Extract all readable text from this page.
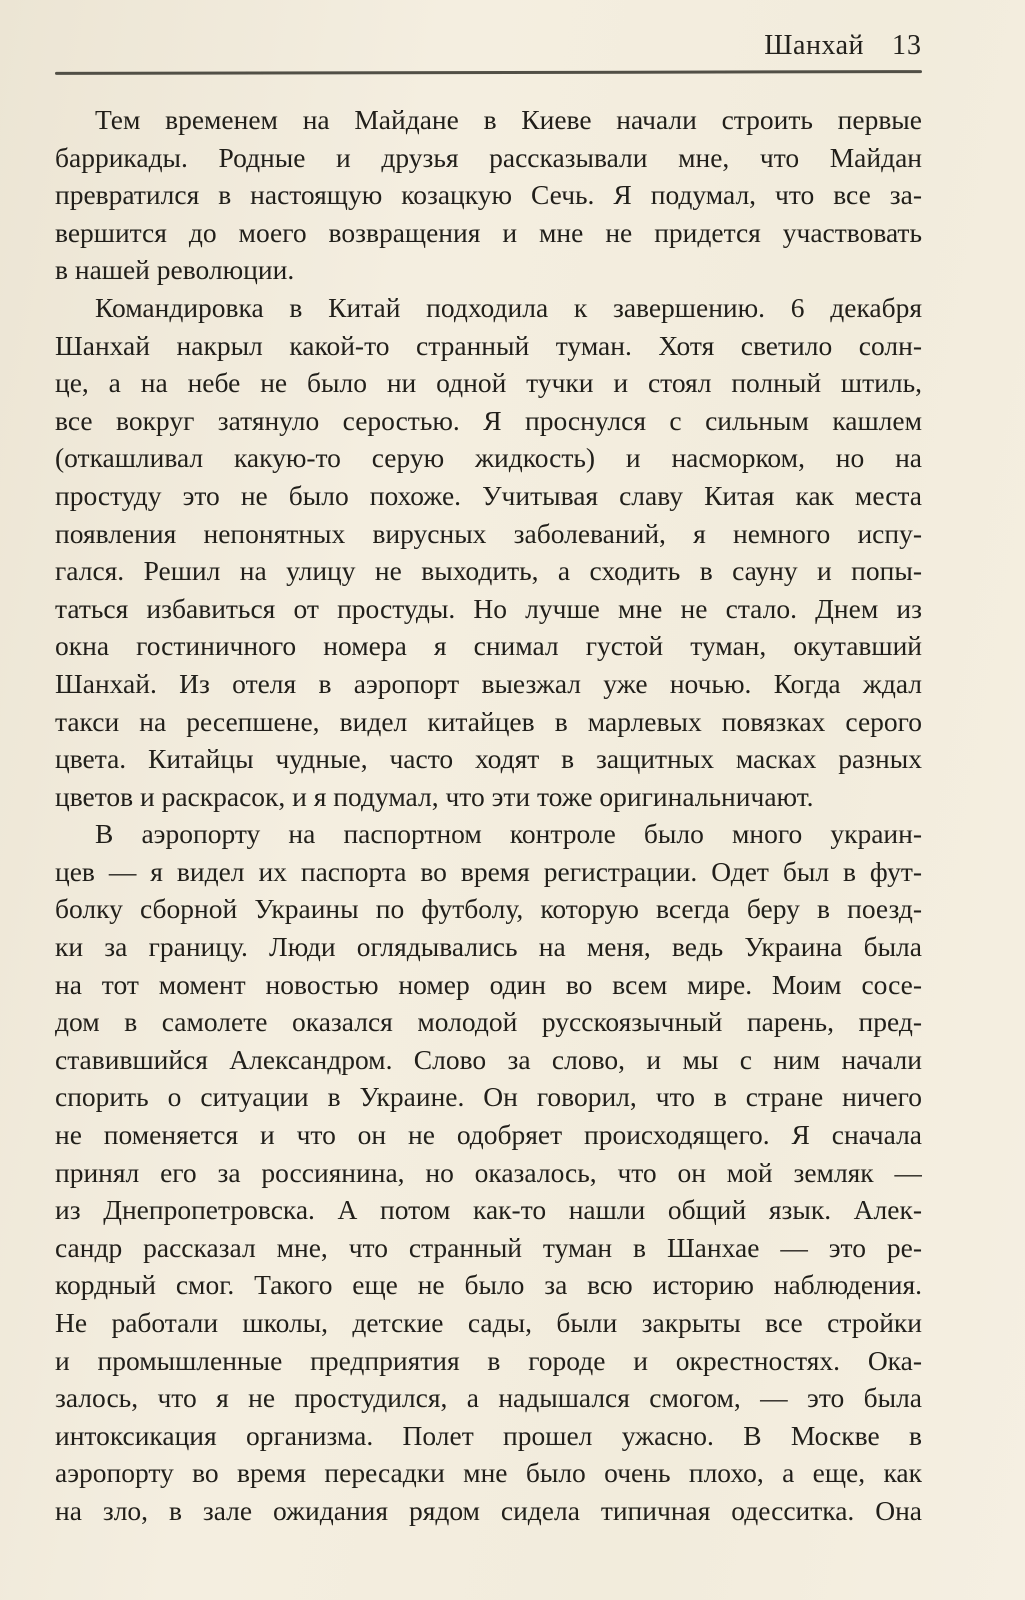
Шанхай 13
Тем временем на Майдане в Киеве начали строить первые
баррикады. Родные и друзья рассказывали мне, что Майдан
превратился в настоящую козацкую Сечь. Я подумал, что все за-
вершится до моего возвращения и мне не придется участвовать
в нашей революции.
Командировка в Китай подходила к завершению. 6 декабря
Шанхай накрыл какой-то странный туман. Хотя светило солн-
це, а на небе не было ни одной тучки и стоял полный штиль,
все вокруг затянуло серостью. Я проснулся с сильным кашлем
(откашливал какую-то серую жидкость) и насморком, но на
простуду это не было похоже. Учитывая славу Китая как места
появления непонятных вирусных заболеваний, я немного испу-
гался. Решил на улицу не выходить, а сходить в сауну и попы-
таться избавиться от простуды. Но лучше мне не стало. Днем из
окна гостиничного номера я снимал густой туман, окутавший
Шанхай. Из отеля в аэропорт выезжал уже ночью. Когда ждал
такси на ресепшене, видел китайцев в марлевых повязках серого
цвета. Китайцы чудные, часто ходят в защитных масках разных
цветов и раскрасок, и я подумал, что эти тоже оригинальничают.
В аэропорту на паспортном контроле было много украин-
цев — я видел их паспорта во время регистрации. Одет был в фут-
болку сборной Украины по футболу, которую всегда беру в поезд-
ки за границу. Люди оглядывались на меня, ведь Украина была
на тот момент новостью номер один во всем мире. Моим сосе-
дом в самолете оказался молодой русскоязычный парень, пред-
ставившийся Александром. Слово за слово, и мы с ним начали
спорить о ситуации в Украине. Он говорил, что в стране ничего
не поменяется и что он не одобряет происходящего. Я сначала
принял его за россиянина, но оказалось, что он мой земляк —
из Днепропетровска. А потом как-то нашли общий язык. Алек-
сандр рассказал мне, что странный туман в Шанхае — это ре-
кордный смог. Такого еще не было за всю историю наблюдения.
Не работали школы, детские сады, были закрыты все стройки
и промышленные предприятия в городе и окрестностях. Ока-
залось, что я не простудился, а надышался смогом, — это была
интоксикация организма. Полет прошел ужасно. В Москве в
аэропорту во время пересадки мне было очень плохо, а еще, как
на зло, в зале ожидания рядом сидела типичная одесситка. Она
